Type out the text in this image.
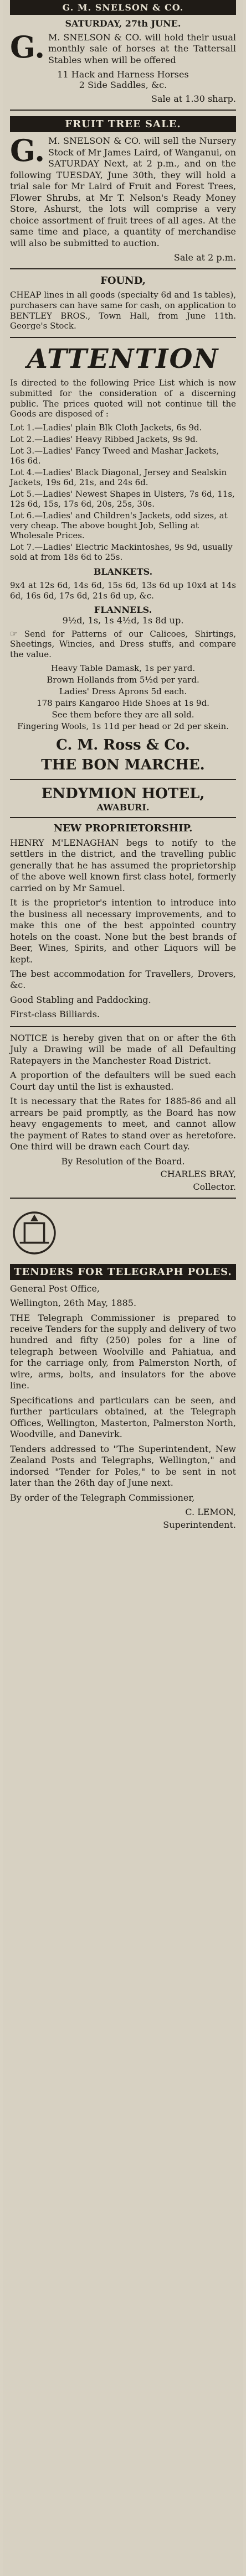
G. M. SNELSON & CO.
SATURDAY, 27th JUNE.
G. M. SNELSON & CO. will hold their usual monthly sale of horses at the Tattersall Stables when will be offered
11 Hack and Harness Horses
2 Side Saddles, &c.
Sale at 1.30 sharp.
FRUIT TREE SALE.
G. M. SNELSON & CO. will sell the Nursery Stock of Mr James Laird, of Wanganui, on SATURDAY Next, at 2 p.m., and on the following TUESDAY, June 30th, they will hold a trial sale for Mr Laird of Fruit and Forest Trees, Flower Shrubs, at Mr T. Nelson's Ready Money Store, Ashurst, the lots will comprise a very choice assortment of fruit trees of all ages. At the same time and place, a quantity of merchandise will also be submitted to auction.
Sale at 2 p.m.
FOUND,
CHEAP lines in all goods (specialty 6d and 1s tables), purchasers can have same for cash, on application to BENTLEY BROS., Town Hall, from June 11th. George's Stock.
ATTENTION
Is directed to the following Price List which is now submitted for the consideration of a discerning public. The prices quoted will not continue till the Goods are disposed of :
Lot 1.—Ladies' plain Blk Cloth Jackets, 6s 9d.
Lot 2.—Ladies' Heavy Ribbed Jackets, 9s 9d.
Lot 3.—Ladies' Fancy Tweed and Mashar Jackets, 16s 6d.
Lot 4.—Ladies' Black Diagonal, Jersey and Sealskin Jackets, 19s 6d, 21s, and 24s 6d.
Lot 5.—Ladies' Newest Shapes in Ulsters, 7s 6d, 11s, 12s 6d, 15s, 17s 6d, 20s, 25s, 30s.
Lot 6.—Ladies' and Children's Jackets, odd sizes, at very cheap. The above bought Job, Selling at Wholesale Prices.
Lot 7.—Ladies' Electric Mackintoshes, 9s 9d, usually sold at from 18s 6d to 25s.
BLANKETS.
9x4 at 12s 6d, 14s 6d, 15s 6d, 13s 6d up 10x4 at 14s 6d, 16s 6d, 17s 6d, 21s 6d up, &c.
FLANNELS.
9½d, 1s, 1s 4½d, 1s 8d up.
☞ Send for Patterns of our Calicoes, Shirtings, Sheetings, Wincies, and Dress stuffs, and compare the value.
Heavy Table Damask, 1s per yard.
Brown Hollands from 5½d per yard.
Ladies' Dress Aprons 5d each.
178 pairs Kangaroo Hide Shoes at 1s 9d.
See them before they are all sold.
Fingering Wools, 1s 11d per head or 2d per skein.
C. M. Ross & Co.
THE BON MARCHE.
ENDYMION HOTEL,
AWABURI.
NEW PROPRIETORSHIP.
HENRY M'LENAGHAN begs to notify to the settlers in the district, and the travelling public generally that he has assumed the proprietorship of the above well known first class hotel, formerly carried on by Mr Samuel.
It is the proprietor's intention to introduce into the business all necessary improvements, and to make this one of the best appointed country hotels on the coast. None but the best brands of Beer, Wines, Spirits, and other Liquors will be kept.
The best accommodation for Travellers, Drovers, &c.
Good Stabling and Paddocking.
First-class Billiards.
NOTICE is hereby given that on or after the 6th July a Drawing will be made of all Defaulting Ratepayers in the Manchester Road District.
A proportion of the defaulters will be sued each Court day until the list is exhausted.
It is necessary that the Rates for 1885-86 and all arrears be paid promptly, as the Board has now heavy engagements to meet, and cannot allow the payment of Rates to stand over as heretofore. One third will be drawn each Court day.
By Resolution of the Board.
CHARLES BRAY,
Collector.
TENDERS FOR TELEGRAPH POLES.
General Post Office,
Wellington, 26th May, 1885.
THE Telegraph Commissioner is prepared to receive Tenders for the supply and delivery of two hundred and fifty (250) poles for a line of telegraph between Woolville and Pahiatua, and for the carriage only, from Palmerston North, of wire, arms, bolts, and insulators for the above line.
Specifications and particulars can be seen, and further particulars obtained, at the Telegraph Offices, Wellington, Masterton, Palmerston North, Woodville, and Danevirk.
Tenders addressed to "The Superintendent, New Zealand Posts and Telegraphs, Wellington," and indorsed "Tender for Poles," to be sent in not later than the 26th day of June next.
By order of the Telegraph Commissioner,
C. LEMON,
Superintendent.
